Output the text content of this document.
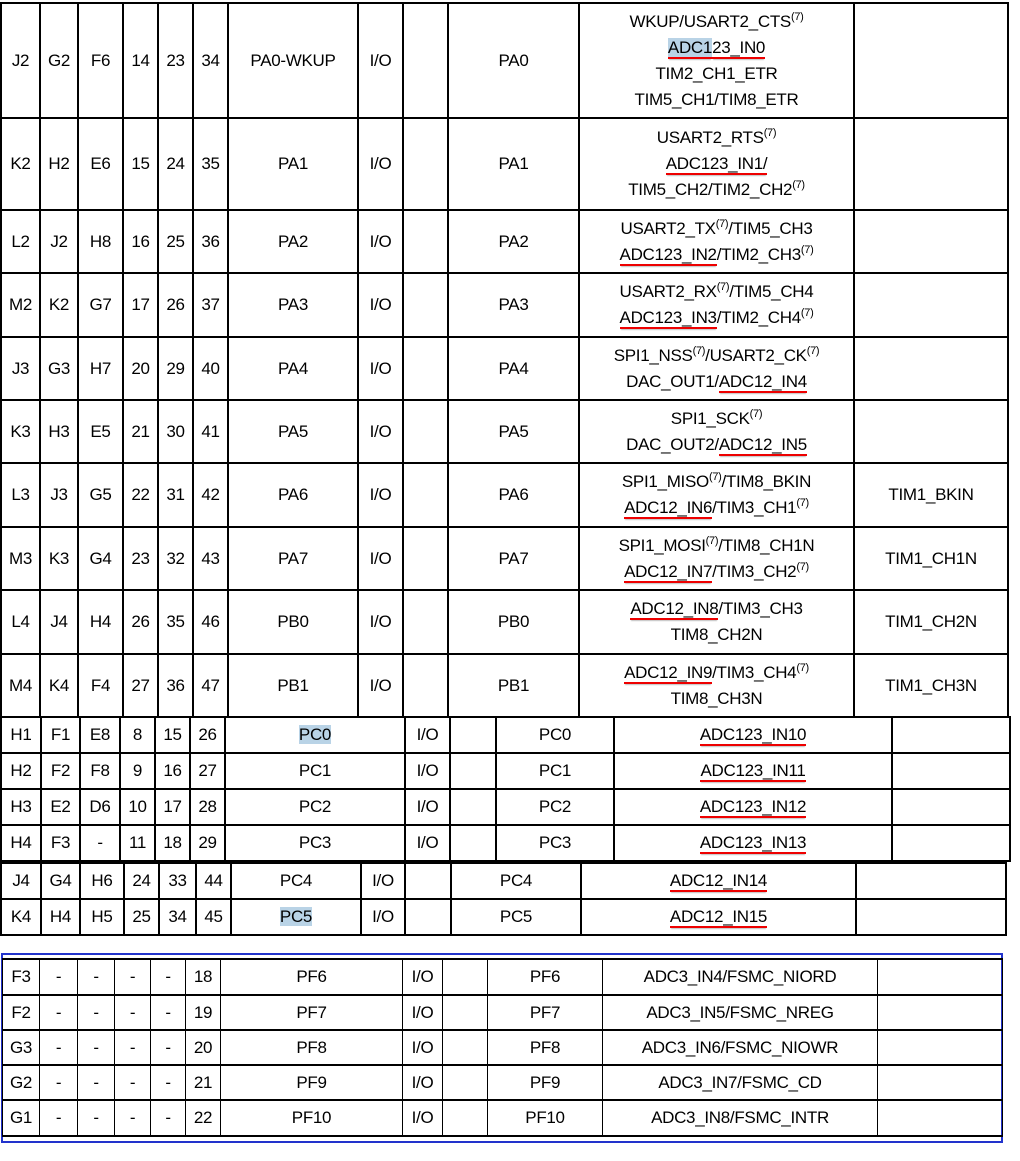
J2	G2	F6	14	23	34	PA0-WKUP	I/O		PA0	WKUP/USART2_CTS$^{(7)}$
ADC123_IN0
TIM2_CH1_ETR
TIM5_CH1/TIM8_ETR	

K2	H2	E6	15	24	35	PA1	I/O		PA1	USART2_RTS$^{(7)}$
ADC123_IN1/
TIM5_CH2/TIM2_CH2$^{(7)}$

L2	J2	H8	16	25	36	PA2	I/O		PA2	USART2_TX$^{(7)}$/TIM5_CH3
ADC123_IN2/TIM2_CH3$^{(7)}$

M2	K2	G7	17	26	37	PA3	I/O		PA3	USART2_RX$^{(7)}$/TIM5_CH4
ADC123_IN3/TIM2_CH4$^{(7)}$

J3	G3	H7	20	29	40	PA4	I/O		PA4	SPI1_NSS$^{(7)}$/USART2_CK$^{(7)}$
DAC_OUT1/ADC12_IN4	

K3	H3	E5	21	30	41	PA5	I/O		PA5	SPI1_SCK$^{(7)}$
DAC_OUT2/ADC12_IN5	

L3	J3	G5	22	31	42	PA6	I/O		PA6	SPI1_MISO$^{(7)}$/TIM8_BKIN
ADC12_IN6/TIM3_CH1$^{(7)}$	TIM1_BKIN
M3	K3	G4	23	32	43	PA7	I/O		PA7	SPI1_MOSI$^{(7)}$/TIM8_CH1N
ADC12_IN7/TIM3_CH2$^{(7)}$	TIM1_CH1N
L4	J4	H4	26	35	46	PB0	I/O		PB0	ADC12_IN8/TIM3_CH3
TIM8_CH2N	TIM1_CH2N
M4	K4	F4	27	36	47	PB1	I/O		PB1	ADC12_IN9/TIM3_CH4$^{(7)}$
TIM8_CH3N	TIM1_CH3N
H1	F1	E8	8	15	26	PC0	I/O		PC0	ADC123_IN10	

H2	F2	F8	9	16	27	PC1	I/O		PC1	ADC123_IN11	

H3	E2	D6	10	17	28	PC2	I/O		PC2	ADC123_IN12	

H4	F3	-	11	18	29	PC3	I/O		PC3	ADC123_IN13	

J4	G4	H6	24	33	44	PC4	I/O		PC4	ADC12_IN14	

K4	H4	H5	25	34	45	PC5	I/O		PC5	ADC12_IN15	

F3	-	-	-	-	18	PF6	I/O		PF6	ADC3_IN4/FSMC_NIORD	

F2	-	-	-	-	19	PF7	I/O		PF7	ADC3_IN5/FSMC_NREG	

G3	-	-	-	-	20	PF8	I/O		PF8	ADC3_IN6/FSMC_NIOWR	

G2	-	-	-	-	21	PF9	I/O		PF9	ADC3_IN7/FSMC_CD	

G1	-	-	-	-	22	PF10	I/O		PF10	ADC3_IN8/FSMC_INTR	
